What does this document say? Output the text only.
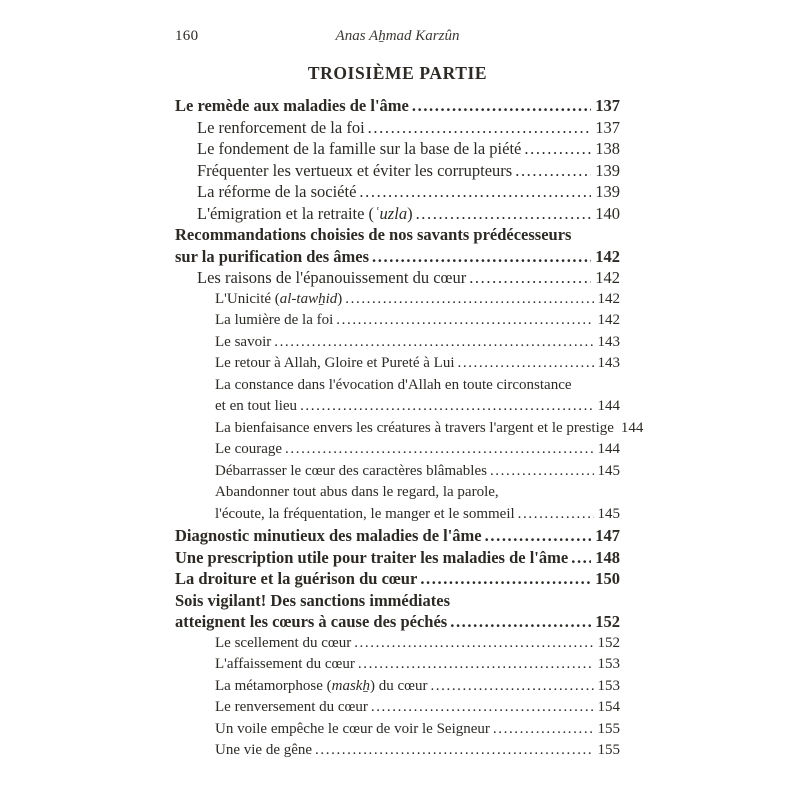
160	Anas Aẖmad Karzûn
TROISIÈME PARTIE
Le remède aux maladies de l'âme .....	137
Le renforcement de la foi .....	137
Le fondement de la famille sur la base de la piété .....	138
Fréquenter les vertueux et éviter les corrupteurs .....	139
La réforme de la société .....	139
L'émigration et la retraite (ʿuzla) .....	140
Recommandations choisies de nos savants prédécesseurs
sur la purification des âmes .....	142
Les raisons de l'épanouissement du cœur .....	142
L'Unicité (al-tawẖid) .....	142
La lumière de la foi .....	142
Le savoir .....	143
Le retour à Allah, Gloire et Pureté à Lui .....	143
La constance dans l'évocation d'Allah en toute circonstance
et en tout lieu .....	144
La bienfaisance envers les créatures à travers l'argent et le prestige ..... 144
Le courage .....	144
Débarrasser le cœur des caractères blâmables .....	145
Abandonner tout abus dans le regard, la parole,
l'écoute, la fréquentation, le manger et le sommeil .....	145
Diagnostic minutieux des maladies de l'âme .....	147
Une prescription utile pour traiter les maladies de l'âme ..... 148
La droiture et la guérison du cœur .....	150
Sois vigilant! Des sanctions immédiates
atteignent les cœurs à cause des péchés .....	152
Le scellement du cœur .....	152
L'affaissement du cœur .....	153
La métamorphose (maskẖ) du cœur .....	153
Le renversement du cœur .....	154
Un voile empêche le cœur de voir le Seigneur .....	155
Une vie de gêne .....	155
